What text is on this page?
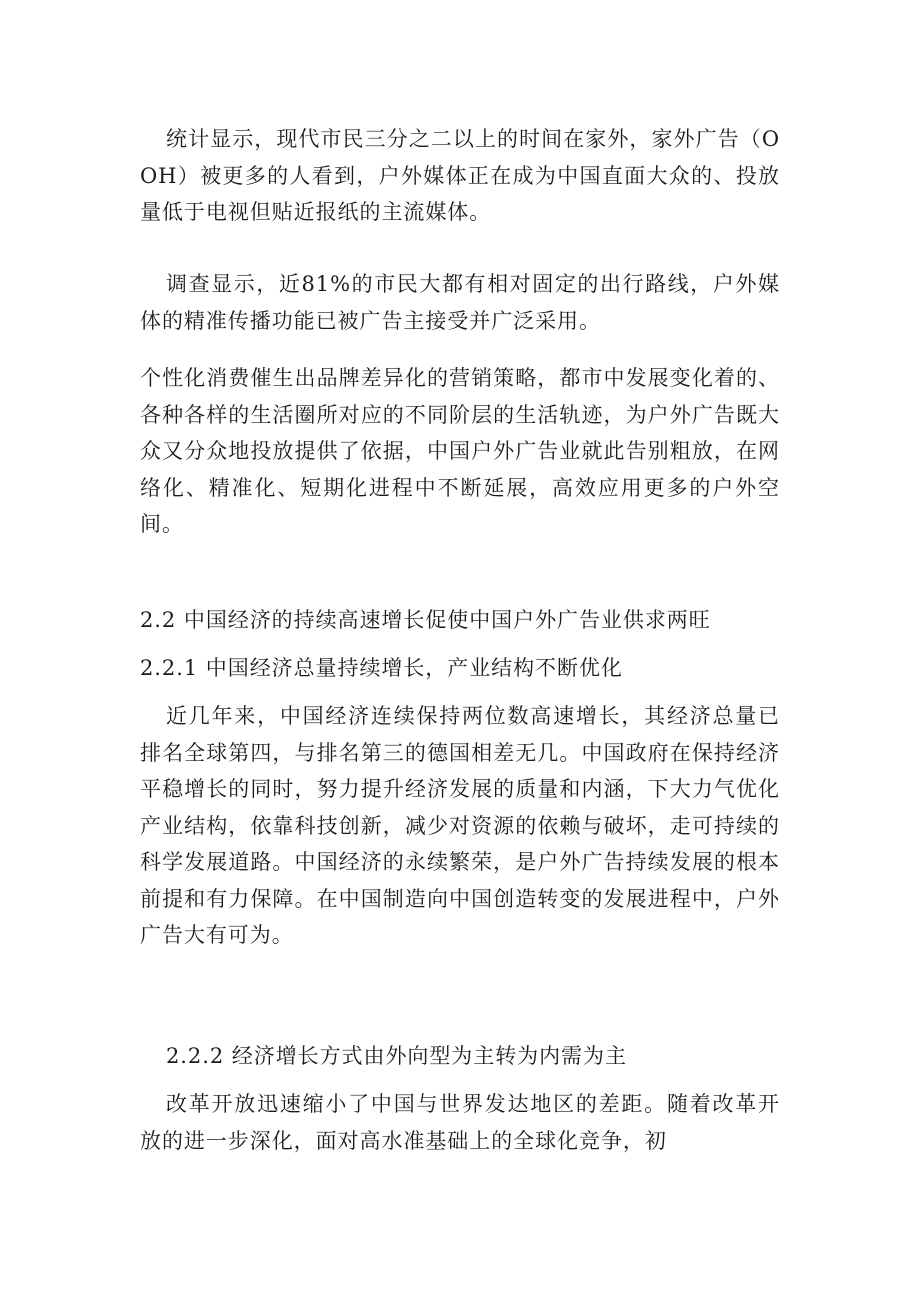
统计显示，现代市民三分之二以上的时间在家外，家外广告（OOH）被更多的人看到，户外媒体正在成为中国直面大众的、投放量低于电视但贴近报纸的主流媒体。

调查显示，近81%的市民大都有相对固定的出行路线，户外媒体的精准传播功能已被广告主接受并广泛采用。

个性化消费催生出品牌差异化的营销策略，都市中发展变化着的、各种各样的生活圈所对应的不同阶层的生活轨迹，为户外广告既大众又分众地投放提供了依据，中国户外广告业就此告别粗放，在网络化、精准化、短期化进程中不断延展，高效应用更多的户外空间。

2.2 中国经济的持续高速增长促使中国户外广告业供求两旺

2.2.1 中国经济总量持续增长，产业结构不断优化

近几年来，中国经济连续保持两位数高速增长，其经济总量已排名全球第四，与排名第三的德国相差无几。中国政府在保持经济平稳增长的同时，努力提升经济发展的质量和内涵，下大力气优化产业结构，依靠科技创新，减少对资源的依赖与破坏，走可持续的科学发展道路。中国经济的永续繁荣，是户外广告持续发展的根本前提和有力保障。在中国制造向中国创造转变的发展进程中，户外广告大有可为。

2.2.2 经济增长方式由外向型为主转为内需为主

改革开放迅速缩小了中国与世界发达地区的差距。随着改革开放的进一步深化，面对高水准基础上的全球化竞争，初
